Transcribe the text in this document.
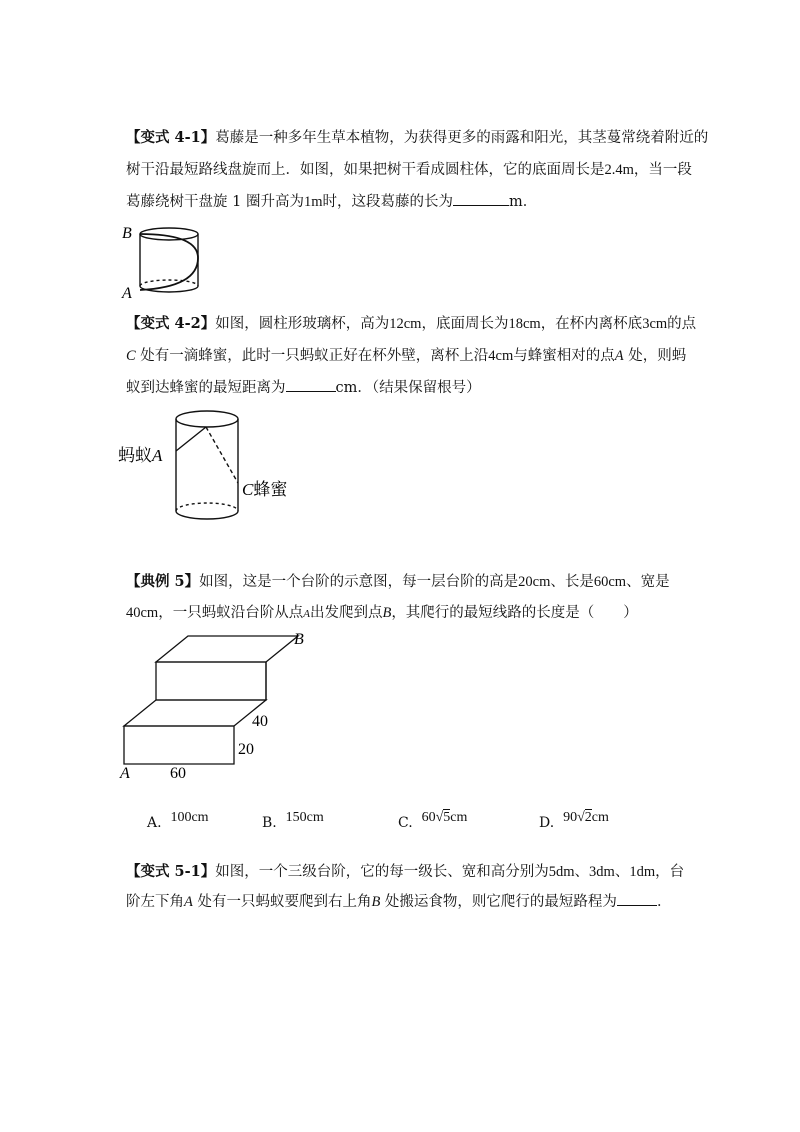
【变式 4-1】葛藤是一种多年生草本植物，为获得更多的雨露和阳光，其茎蔓常绕着附近的
树干沿最短路线盘旋而上．如图，如果把树干看成圆柱体，它的底面周长是2.4m，当一段
葛藤绕树干盘旋 1 圈升高为1m时，这段葛藤的长为	m．
B
A
【变式 4-2】如图，圆柱形玻璃杯，高为12cm，底面周长为18cm，在杯内离杯底3cm的点
C 处有一滴蜂蜜，此时一只蚂蚁正好在杯外壁，离杯上沿4cm与蜂蜜相对的点A 处，则蚂
蚁到达蜂蜜的最短距离为	cm．（结果保留根号）
蚂蚁A
C蜂蜜
【典例 5】如图，这是一个台阶的示意图，每一层台阶的高是20cm、长是60cm、宽是
40cm，一只蚂蚁沿台阶从点A出发爬到点B，其爬行的最短线路的长度是（　　）
B
A
40
20
60
A. 100cm	B. 150cm	C. 60√5cm	D. 90√2cm
【变式 5-1】如图，一个三级台阶，它的每一级长、宽和高分别为5dm、3dm、1dm，台
阶左下角A 处有一只蚂蚁要爬到右上角B 处搬运食物，则它爬行的最短路程为	．
